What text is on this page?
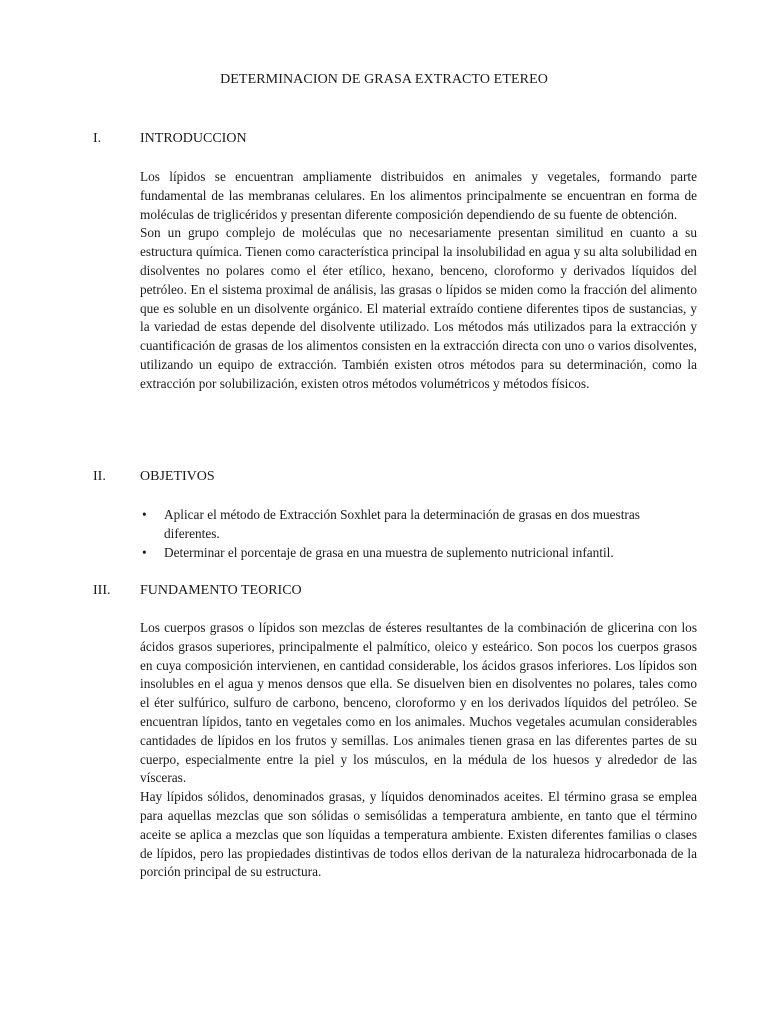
DETERMINACION DE GRASA EXTRACTO ETEREO
I.	INTRODUCCION

Los lípidos se encuentran ampliamente distribuidos en animales y vegetales, formando parte fundamental de las membranas celulares. En los alimentos principalmente se encuentran en forma de moléculas de triglicéridos y presentan diferente composición dependiendo de su fuente de obtención.

Son un grupo complejo de moléculas que no necesariamente presentan similitud en cuanto a su estructura química. Tienen como característica principal la insolubilidad en agua y su alta solubilidad en disolventes no polares como el éter etílico, hexano, benceno, cloroformo y derivados líquidos del petróleo. En el sistema proximal de análisis, las grasas o lípidos se miden como la fracción del alimento que es soluble en un disolvente orgánico. El material extraído contiene diferentes tipos de sustancias, y la variedad de estas depende del disolvente utilizado. Los métodos más utilizados para la extracción y cuantificación de grasas de los alimentos consisten en la extracción directa con uno o varios disolventes, utilizando un equipo de extracción. También existen otros métodos para su determinación, como la extracción por solubilización, existen otros métodos volumétricos y métodos físicos.

II. OBJETIVOS
• Aplicar el método de Extracción Soxhlet para la determinación de grasas en dos muestras diferentes.
• Determinar el porcentaje de grasa en una muestra de suplemento nutricional infantil.
III. FUNDAMENTO TEORICO

Los cuerpos grasos o lípidos son mezclas de ésteres resultantes de la combinación de glicerina con los ácidos grasos superiores, principalmente el palmítico, oleico y esteárico. Son pocos los cuerpos grasos en cuya composición intervienen, en cantidad considerable, los ácidos grasos inferiores. Los lípidos son insolubles en el agua y menos densos que ella. Se disuelven bien en disolventes no polares, tales como el éter sulfúrico, sulfuro de carbono, benceno, cloroformo y en los derivados líquidos del petróleo. Se encuentran lípidos, tanto en vegetales como en los animales. Muchos vegetales acumulan considerables cantidades de lípidos en los frutos y semillas. Los animales tienen grasa en las diferentes partes de su cuerpo, especialmente entre la piel y los músculos, en la médula de los huesos y alrededor de las vísceras.

Hay lípidos sólidos, denominados grasas, y líquidos denominados aceites. El término grasa se emplea para aquellas mezclas que son sólidas o semisólidas a temperatura ambiente, en tanto que el término aceite se aplica a mezclas que son líquidas a temperatura ambiente. Existen diferentes familias o clases de lípidos, pero las propiedades distintivas de todos ellos derivan de la naturaleza hidrocarbonada de la porción principal de su estructura.
